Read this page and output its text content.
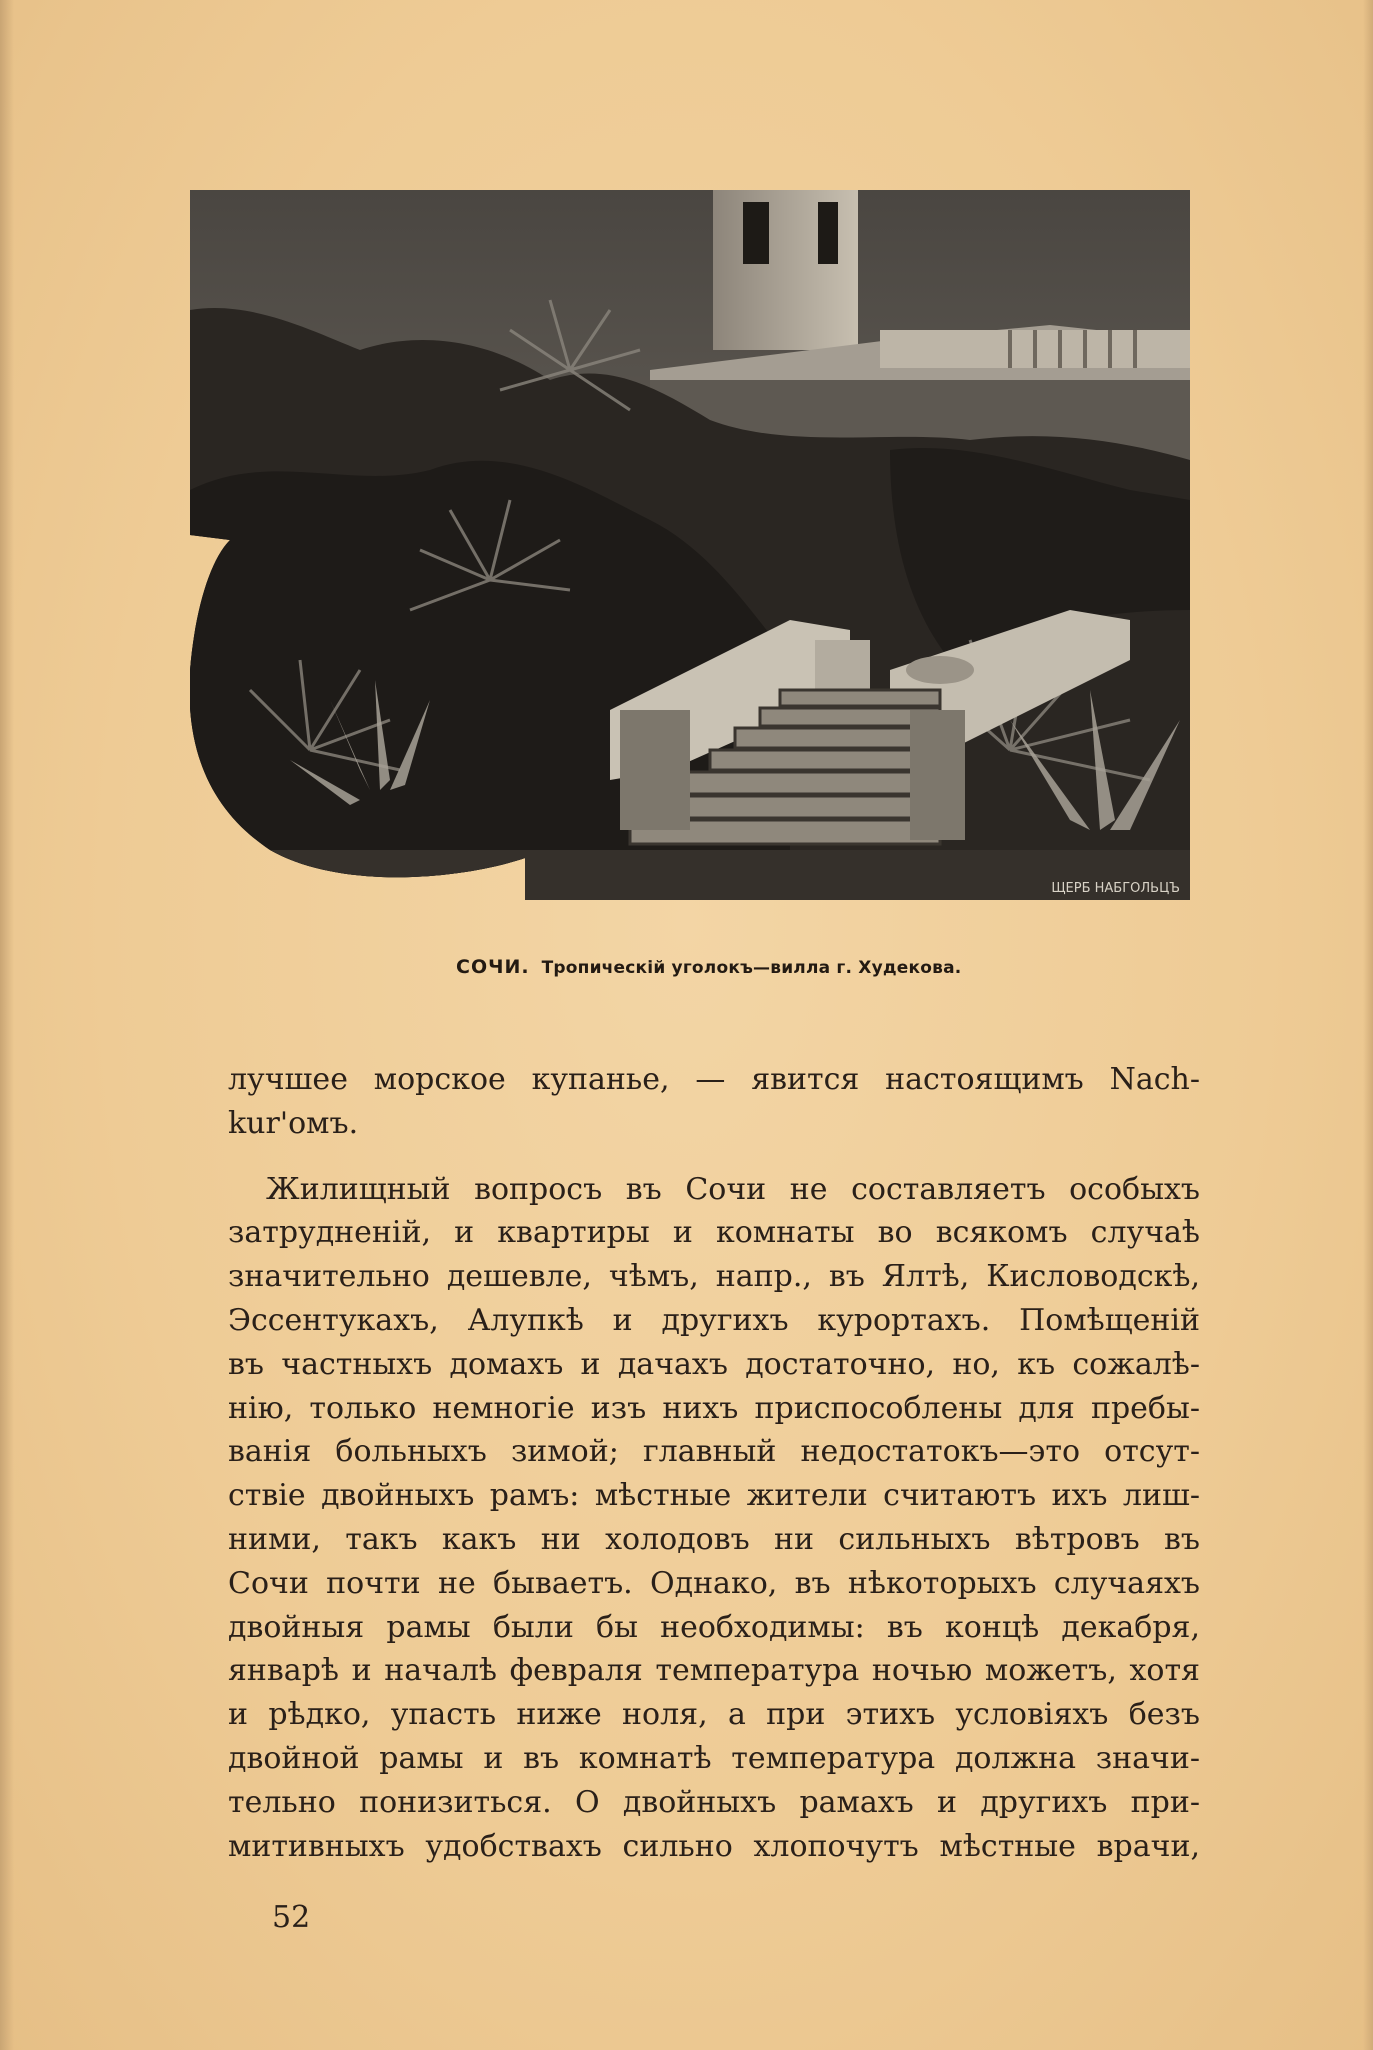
ЩЕРБ НАБГОЛЬЦЪ
СОЧИ. Тропическій уголокъ—вилла г. Худекова.
лучшее морское купанье, — явится настоящимъ Nach-
kur'омъ.
Жилищный вопросъ въ Сочи не составляетъ особыхъ
затрудненій, и квартиры и комнаты во всякомъ случаѣ
значительно дешевле, чѣмъ, напр., въ Ялтѣ, Кисловодскѣ,
Эссентукахъ, Алупкѣ и другихъ курортахъ. Помѣщеній
въ частныхъ домахъ и дачахъ достаточно, но, къ сожалѣ-
нію, только немногіе изъ нихъ приспособлены для пребы-
ванія больныхъ зимой; главный недостатокъ—это отсут-
ствіе двойныхъ рамъ: мѣстные жители считаютъ ихъ лиш-
ними, такъ какъ ни холодовъ ни сильныхъ вѣтровъ въ
Сочи почти не бываетъ. Однако, въ нѣкоторыхъ случаяхъ
двойныя рамы были бы необходимы: въ концѣ декабря,
январѣ и началѣ февраля температура ночью можетъ, хотя
и рѣдко, упасть ниже ноля, а при этихъ условіяхъ безъ
двойной рамы и въ комнатѣ температура должна значи-
тельно понизиться. О двойныхъ рамахъ и другихъ при-
митивныхъ удобствахъ сильно хлопочутъ мѣстные врачи,
52
